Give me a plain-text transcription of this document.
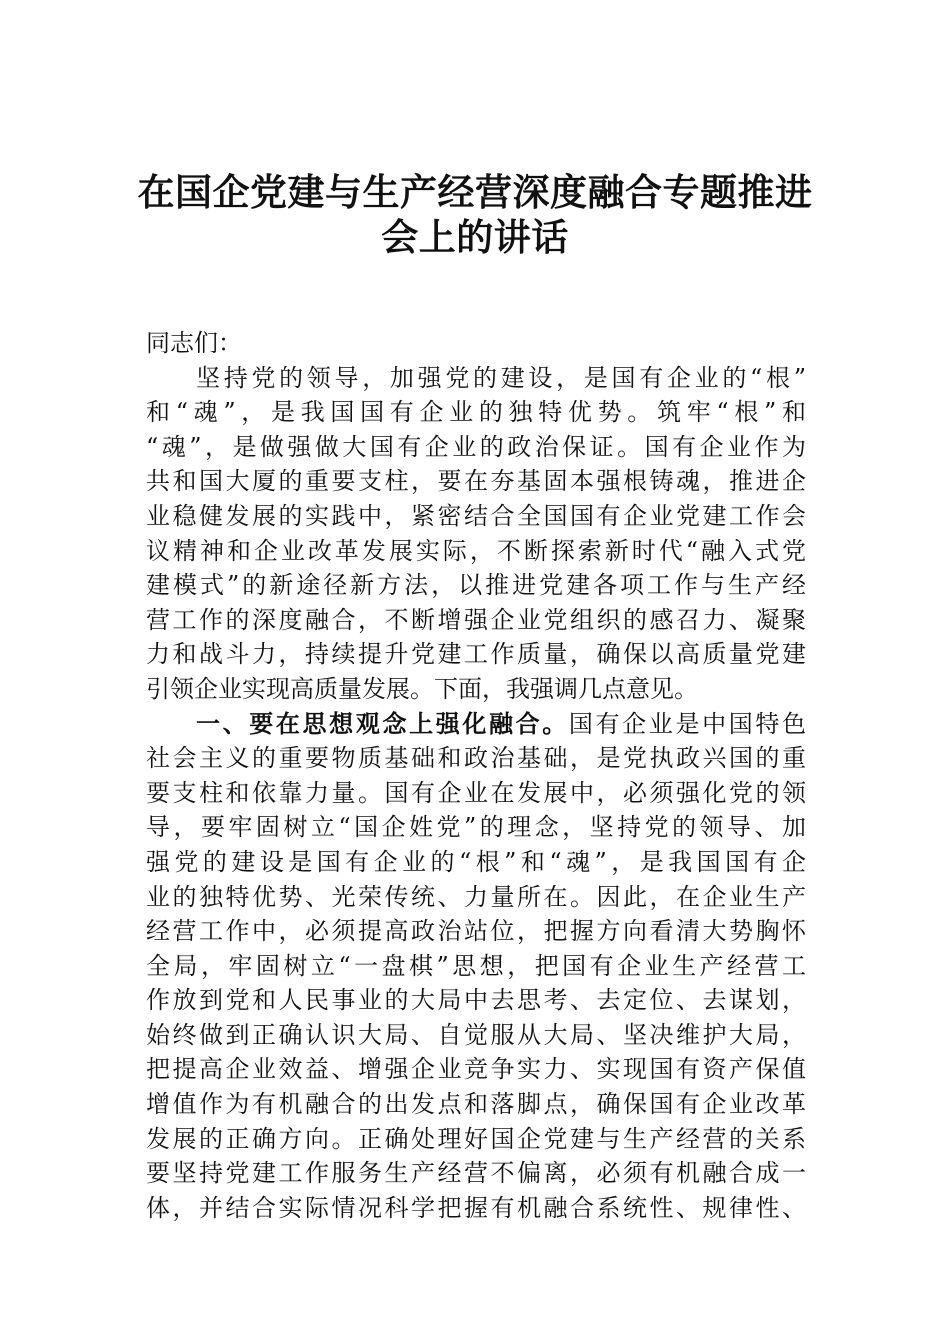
在国企党建与生产经营深度融合专题推进
会上的讲话
同志们：
坚持党的领导，加强党的建设，是国有企业的“根”
和“魂”，是我国国有企业的独特优势。筑牢“根”和
“魂”，是做强做大国有企业的政治保证。国有企业作为
共和国大厦的重要支柱，要在夯基固本强根铸魂，推进企
业稳健发展的实践中，紧密结合全国国有企业党建工作会
议精神和企业改革发展实际，不断探索新时代“融入式党
建模式”的新途径新方法，以推进党建各项工作与生产经
营工作的深度融合，不断增强企业党组织的感召力、凝聚
力和战斗力，持续提升党建工作质量，确保以高质量党建
引领企业实现高质量发展。下面，我强调几点意见。
一、要在思想观念上强化融合。国有企业是中国特色
社会主义的重要物质基础和政治基础，是党执政兴国的重
要支柱和依靠力量。国有企业在发展中，必须强化党的领
导，要牢固树立“国企姓党”的理念，坚持党的领导、加
强党的建设是国有企业的“根”和“魂”，是我国国有企
业的独特优势、光荣传统、力量所在。因此，在企业生产
经营工作中，必须提高政治站位，把握方向看清大势胸怀
全局，牢固树立“一盘棋”思想，把国有企业生产经营工
作放到党和人民事业的大局中去思考、去定位、去谋划，
始终做到正确认识大局、自觉服从大局、坚决维护大局，
把提高企业效益、增强企业竞争实力、实现国有资产保值
增值作为有机融合的出发点和落脚点，确保国有企业改革
发展的正确方向。正确处理好国企党建与生产经营的关系
要坚持党建工作服务生产经营不偏离，必须有机融合成一
体，并结合实际情况科学把握有机融合系统性、规律性、
